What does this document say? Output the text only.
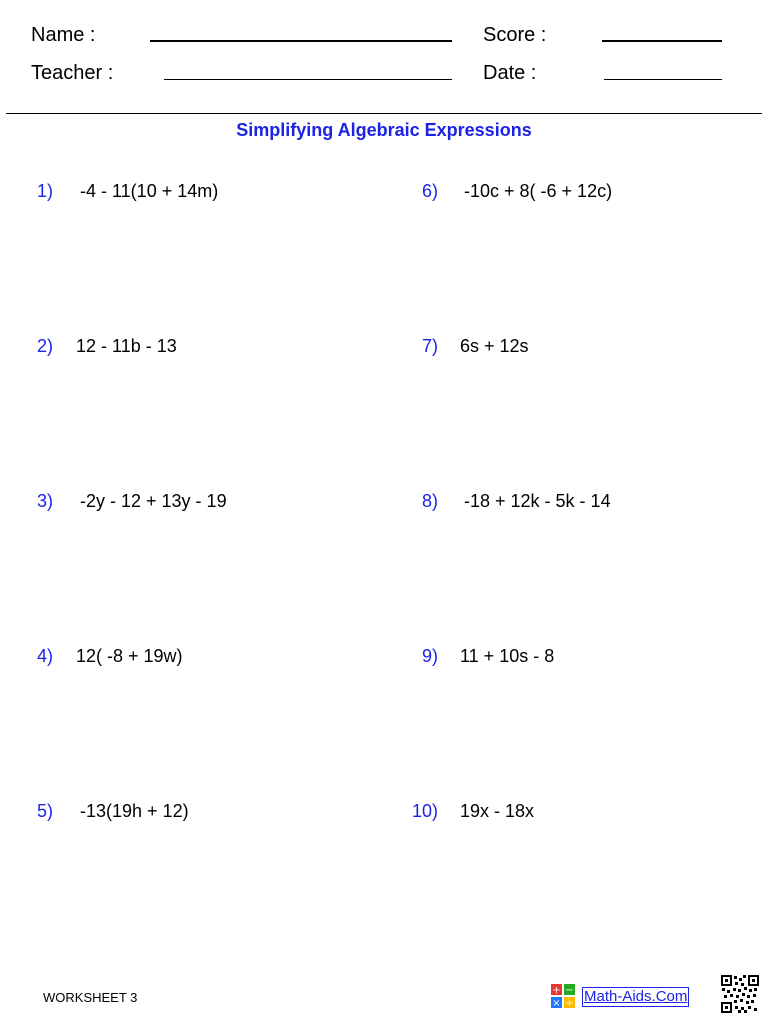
Name :	Score :
Teacher :	Date :
Simplifying Algebraic Expressions
1) -4 - 11(10 + 14m)
2) 12 - 11b - 13
3) -2y - 12 + 13y - 19
4) 12( -8 + 19w)
5) -13(19h + 12)
6) -10c + 8( -6 + 12c)
7) 6s + 12s
8) -18 + 12k - 5k - 14
9) 11 + 10s - 8
10) 19x - 18x
WORKSHEET 3	+ −
× ÷ Math-Aids.Com
